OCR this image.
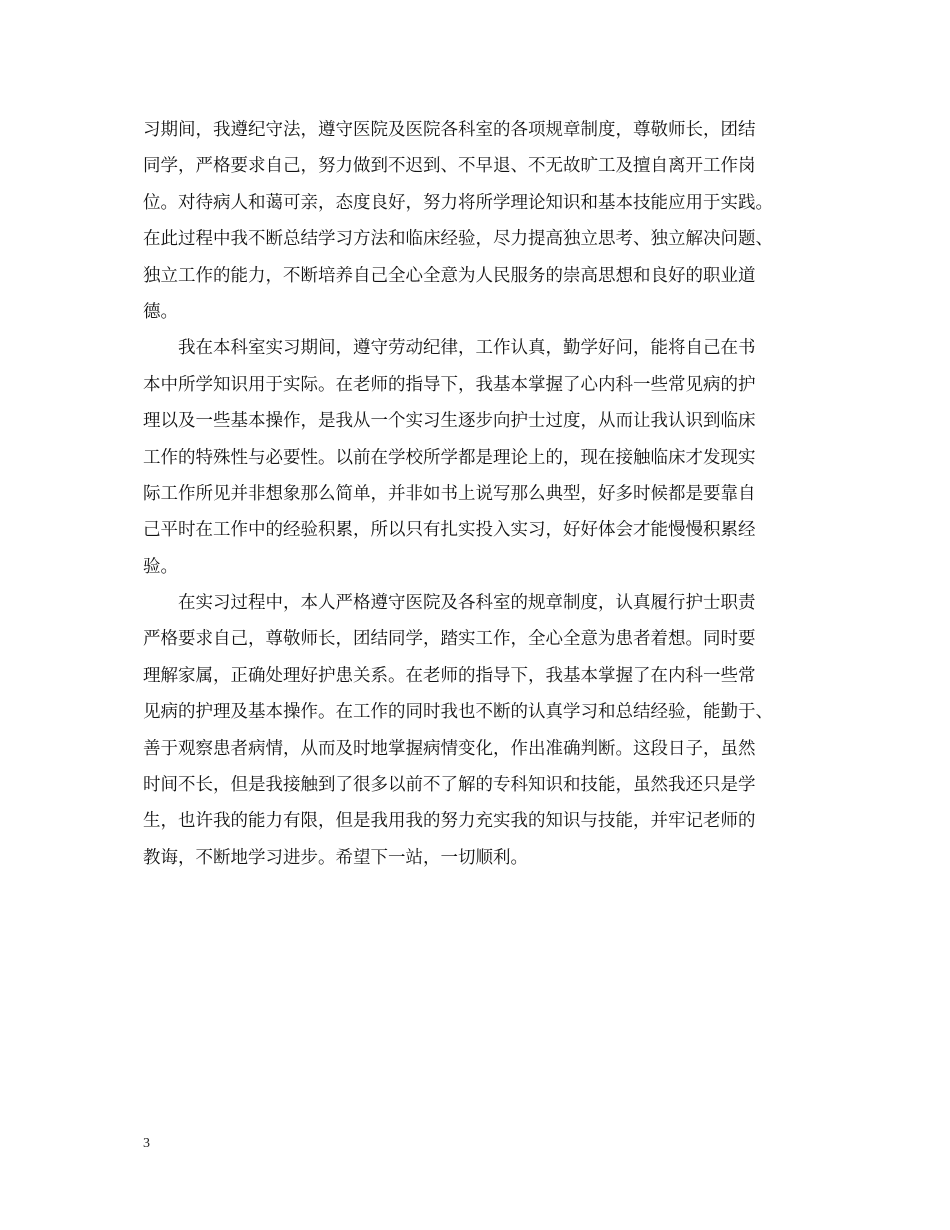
习期间，我遵纪守法，遵守医院及医院各科室的各项规章制度，尊敬师长，团结
同学，严格要求自己，努力做到不迟到、不早退、不无故旷工及擅自离开工作岗
位。对待病人和蔼可亲，态度良好，努力将所学理论知识和基本技能应用于实践。
在此过程中我不断总结学习方法和临床经验，尽力提高独立思考、独立解决问题、
独立工作的能力，不断培养自己全心全意为人民服务的崇高思想和良好的职业道
德。
　　我在本科室实习期间，遵守劳动纪律，工作认真，勤学好问，能将自己在书
本中所学知识用于实际。在老师的指导下，我基本掌握了心内科一些常见病的护
理以及一些基本操作，是我从一个实习生逐步向护士过度，从而让我认识到临床
工作的特殊性与必要性。以前在学校所学都是理论上的，现在接触临床才发现实
际工作所见并非想象那么简单，并非如书上说写那么典型，好多时候都是要靠自
己平时在工作中的经验积累，所以只有扎实投入实习，好好体会才能慢慢积累经
验。
　　在实习过程中，本人严格遵守医院及各科室的规章制度，认真履行护士职责
严格要求自己，尊敬师长，团结同学，踏实工作，全心全意为患者着想。同时要
理解家属，正确处理好护患关系。在老师的指导下，我基本掌握了在内科一些常
见病的护理及基本操作。在工作的同时我也不断的认真学习和总结经验，能勤于、
善于观察患者病情，从而及时地掌握病情变化，作出准确判断。这段日子，虽然
时间不长，但是我接触到了很多以前不了解的专科知识和技能，虽然我还只是学
生，也许我的能力有限，但是我用我的努力充实我的知识与技能，并牢记老师的
教诲，不断地学习进步。希望下一站，一切顺利。
3
